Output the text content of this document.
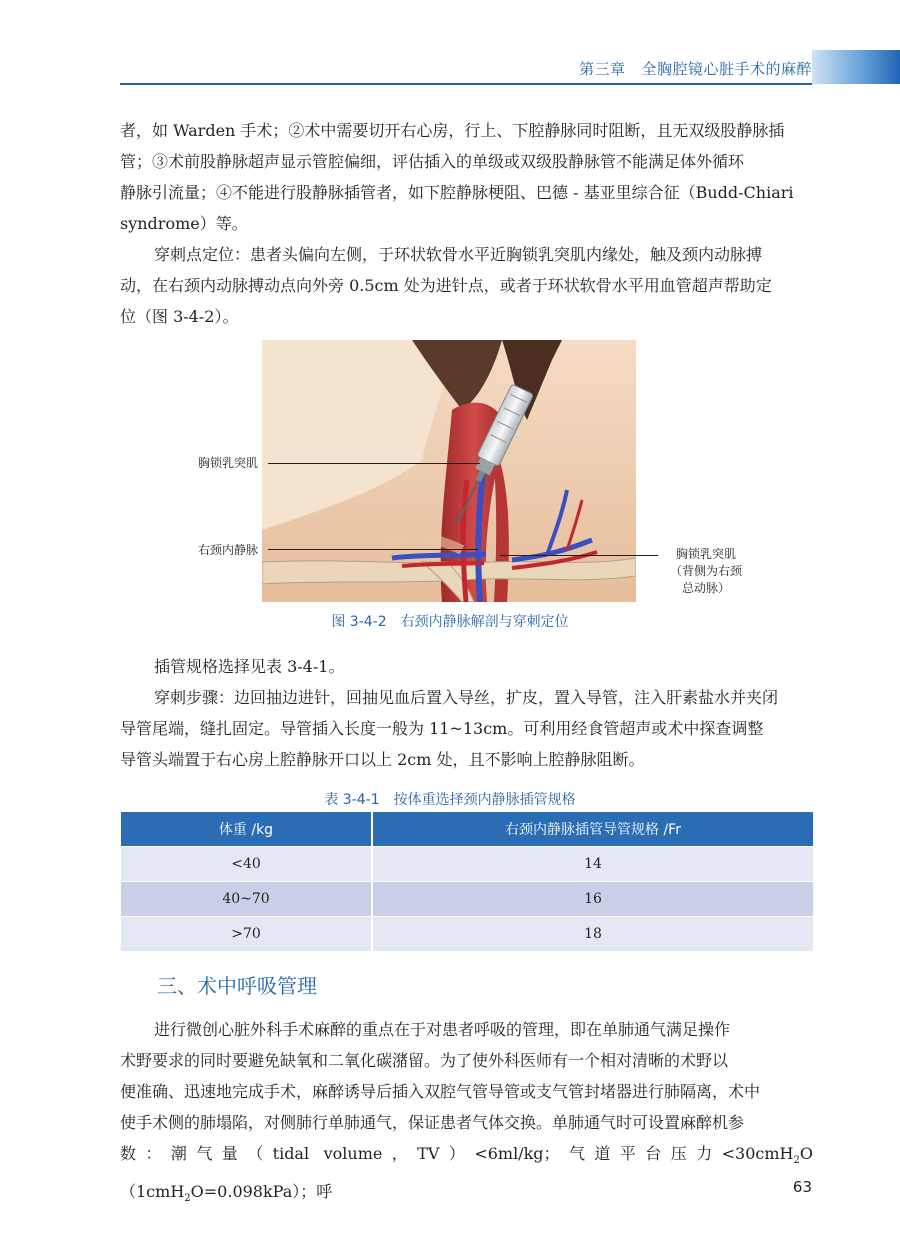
第三章 全胸腔镜心脏手术的麻醉
者，如 Warden 手术；②术中需要切开右心房，行上、下腔静脉同时阻断，且无双级股静脉插
管；③术前股静脉超声显示管腔偏细，评估插入的单级或双级股静脉管不能满足体外循环
静脉引流量；④不能进行股静脉插管者，如下腔静脉梗阻、巴德 - 基亚里综合征（Budd-Chiari
syndrome）等。
穿刺点定位：患者头偏向左侧，于环状软骨水平近胸锁乳突肌内缘处，触及颈内动脉搏
动，在右颈内动脉搏动点向外旁 0.5cm 处为进针点，或者于环状软骨水平用血管超声帮助定
位（图 3-4-2）。
胸锁乳突肌
右颈内静脉	胸锁乳突肌
（背侧为右颈
总动脉）
图 3-4-2　右颈内静脉解剖与穿刺定位
插管规格选择见表 3-4-1。
穿刺步骤：边回抽边进针，回抽见血后置入导丝，扩皮，置入导管，注入肝素盐水并夹闭
导管尾端，缝扎固定。导管插入长度一般为 11~13cm。可利用经食管超声或术中探查调整
导管头端置于右心房上腔静脉开口以上 2cm 处，且不影响上腔静脉阻断。
表 3-4-1　按体重选择颈内静脉插管规格
体重 /kg	右颈内静脉插管导管规格 /Fr
<40	14
40~70	16
>70	18
三、术中呼吸管理
进行微创心脏外科手术麻醉的重点在于对患者呼吸的管理，即在单肺通气满足操作
术野要求的同时要避免缺氧和二氧化碳潴留。为了使外科医师有一个相对清晰的术野以
便准确、迅速地完成手术，麻醉诱导后插入双腔气管导管或支气管封堵器进行肺隔离，术中
使手术侧的肺塌陷，对侧肺行单肺通气，保证患者气体交换。单肺通气时可设置麻醉机参
数：潮气量（tidal volume，TV）<6ml/kg；气道平台压力<30cmH$_2$O（1cmH$_2$O=0.098kPa）；呼	63
